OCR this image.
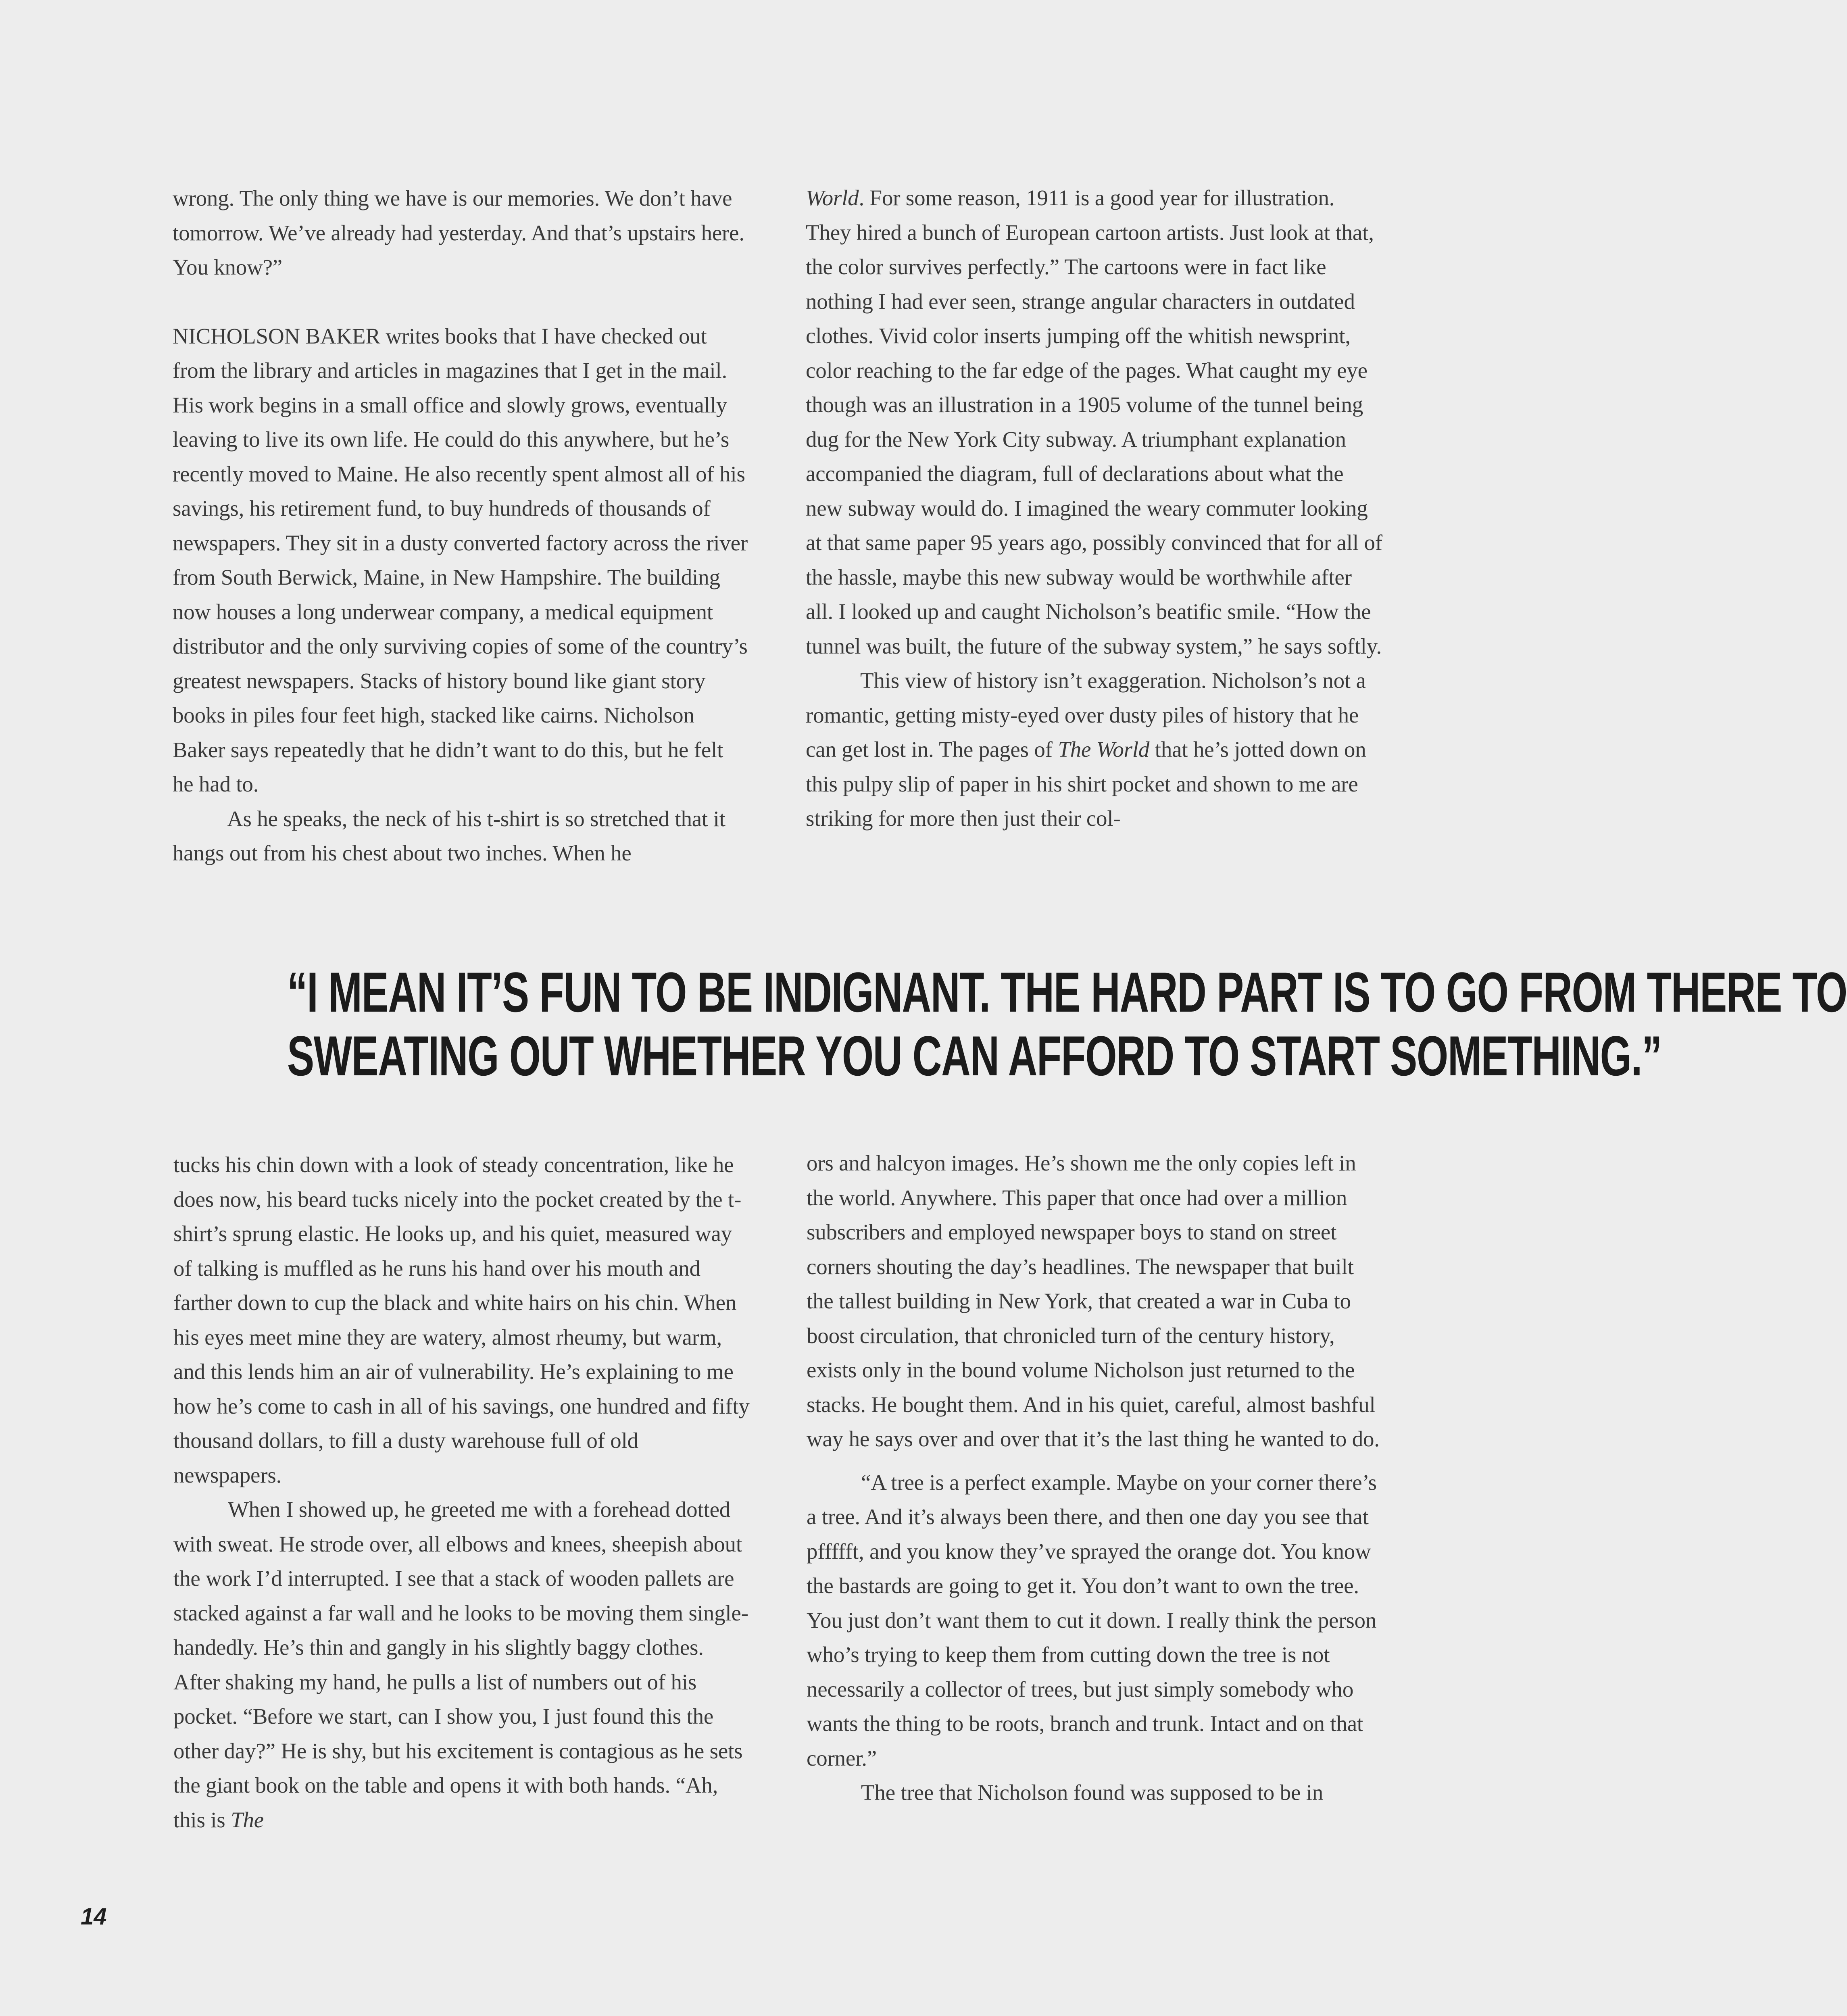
wrong. The only thing we have is our memories. We don’t have tomorrow. We’ve already had yesterday. And that’s upstairs here. You know?”

NICHOLSON BAKER writes books that I have checked out from the library and articles in magazines that I get in the mail. His work begins in a small office and slowly grows, eventually leaving to live its own life. He could do this anywhere, but he’s recently moved to Maine. He also recently spent almost all of his savings, his retirement fund, to buy hundreds of thousands of newspapers. They sit in a dusty converted factory across the river from South Berwick, Maine, in New Hampshire. The building now houses a long underwear company, a medical equipment distributor and the only surviving copies of some of the country’s greatest newspapers. Stacks of history bound like giant story books in piles four feet high, stacked like cairns. Nicholson Baker says repeatedly that he didn’t want to do this, but he felt he had to.

As he speaks, the neck of his t-shirt is so stretched that it hangs out from his chest about two inches. When he

World. For some reason, 1911 is a good year for illustration. They hired a bunch of European cartoon artists. Just look at that, the color survives perfectly.” The cartoons were in fact like nothing I had ever seen, strange angular characters in outdated clothes. Vivid color inserts jumping off the whitish newsprint, color reaching to the far edge of the pages. What caught my eye though was an illustration in a 1905 volume of the tunnel being dug for the New York City subway. A triumphant explanation accompanied the diagram, full of declarations about what the new subway would do. I imagined the weary commuter looking at that same paper 95 years ago, possibly convinced that for all of the hassle, maybe this new subway would be worthwhile after all. I looked up and caught Nicholson’s beatific smile. “How the tunnel was built, the future of the subway system,” he says softly.

This view of history isn’t exaggeration. Nicholson’s not a romantic, getting misty-eyed over dusty piles of history that he can get lost in. The pages of The World that he’s jotted down on this pulpy slip of paper in his shirt pocket and shown to me are striking for more then just their col-

“I MEAN IT’S FUN TO BE INDIGNANT. THE HARD PART IS TO GO FROM THERE TO
SWEATING OUT WHETHER YOU CAN AFFORD TO START SOMETHING.”

tucks his chin down with a look of steady concentration, like he does now, his beard tucks nicely into the pocket created by the t-shirt’s sprung elastic. He looks up, and his quiet, measured way of talking is muffled as he runs his hand over his mouth and farther down to cup the black and white hairs on his chin. When his eyes meet mine they are watery, almost rheumy, but warm, and this lends him an air of vulnerability. He’s explaining to me how he’s come to cash in all of his savings, one hundred and fifty thousand dollars, to fill a dusty warehouse full of old newspapers.

When I showed up, he greeted me with a forehead dotted with sweat. He strode over, all elbows and knees, sheepish about the work I’d interrupted. I see that a stack of wooden pallets are stacked against a far wall and he looks to be moving them single-handedly. He’s thin and gangly in his slightly baggy clothes. After shaking my hand, he pulls a list of numbers out of his pocket. “Before we start, can I show you, I just found this the other day?” He is shy, but his excitement is contagious as he sets the giant book on the table and opens it with both hands. “Ah, this is The

ors and halcyon images. He’s shown me the only copies left in the world. Anywhere. This paper that once had over a million subscribers and employed newspaper boys to stand on street corners shouting the day’s headlines. The newspaper that built the tallest building in New York, that created a war in Cuba to boost circulation, that chronicled turn of the century history, exists only in the bound volume Nicholson just returned to the stacks. He bought them. And in his quiet, careful, almost bashful way he says over and over that it’s the last thing he wanted to do.

“A tree is a perfect example. Maybe on your corner there’s a tree. And it’s always been there, and then one day you see that pffffft, and you know they’ve sprayed the orange dot. You know the bastards are going to get it. You don’t want to own the tree. You just don’t want them to cut it down. I really think the person who’s trying to keep them from cutting down the tree is not necessarily a collector of trees, but just simply somebody who wants the thing to be roots, branch and trunk. Intact and on that corner.”

The tree that Nicholson found was supposed to be in

14
